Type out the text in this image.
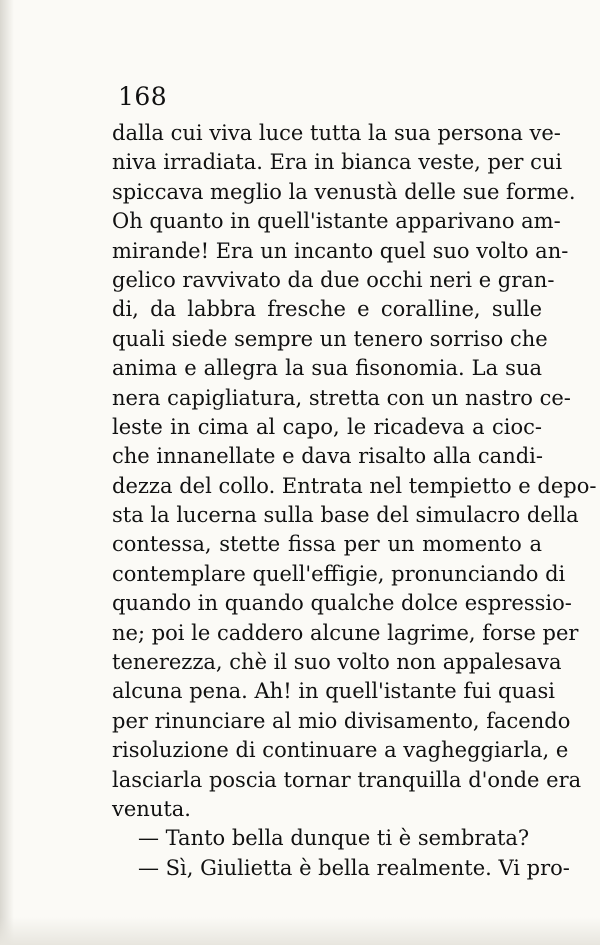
168
dalla cui viva luce tutta la sua persona ve-
niva irradiata. Era in bianca veste, per cui
spiccava meglio la venustà delle sue forme.
Oh quanto in quell'istante apparivano am-
mirande! Era un incanto quel suo volto an-
gelico ravvivato da due occhi neri e gran-
di, da labbra fresche e coralline, sulle
quali siede sempre un tenero sorriso che
anima e allegra la sua fisonomia. La sua
nera capigliatura, stretta con un nastro ce-
leste in cima al capo, le ricadeva a cioc-
che innanellate e dava risalto alla candi-
dezza del collo. Entrata nel tempietto e depo-
sta la lucerna sulla base del simulacro della
contessa, stette fissa per un momento a
contemplare quell'effigie, pronunciando di
quando in quando qualche dolce espressio-
ne; poi le caddero alcune lagrime, forse per
tenerezza, chè il suo volto non appalesava
alcuna pena. Ah! in quell'istante fui quasi
per rinunciare al mio divisamento, facendo
risoluzione di continuare a vagheggiarla, e
lasciarla poscia tornar tranquilla d'onde era
venuta.
— Tanto bella dunque ti è sembrata?
— Sì, Giulietta è bella realmente. Vi pro-
